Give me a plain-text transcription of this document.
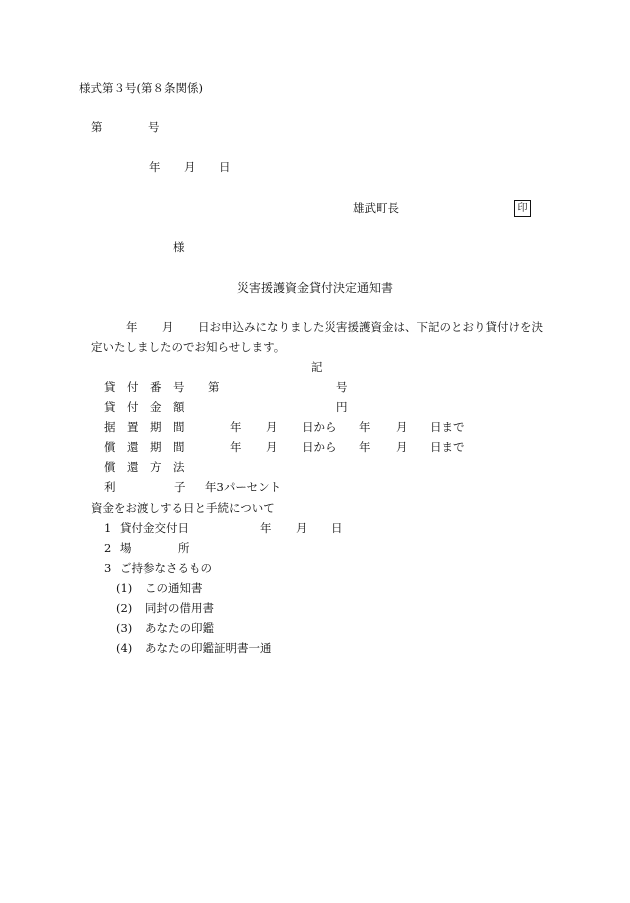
様式第３号(第８条関係)
第	号
年 月 日
雄武町長	印
様
災害援護資金貸付決定通知書
年 月 日お申込みになりました災害援護資金は、下記のとおり貸付けを決
定いたしましたのでお知らせします。
記
貸　付　番　号 第	号
貸　付　金　額	円
据　置　期　間	年 月 日から 年 月 日まで
償　還　期　間	年 月 日から 年 月 日まで
償　還　方　法
利	子 年3パーセント
資金をお渡しする日と手続について
1 貸付金交付日	年 月 日
2 場	所
3 ご持参なさるもの
(1) この通知書
(2) 同封の借用書
(3) あなたの印鑑
(4) あなたの印鑑証明書一通
